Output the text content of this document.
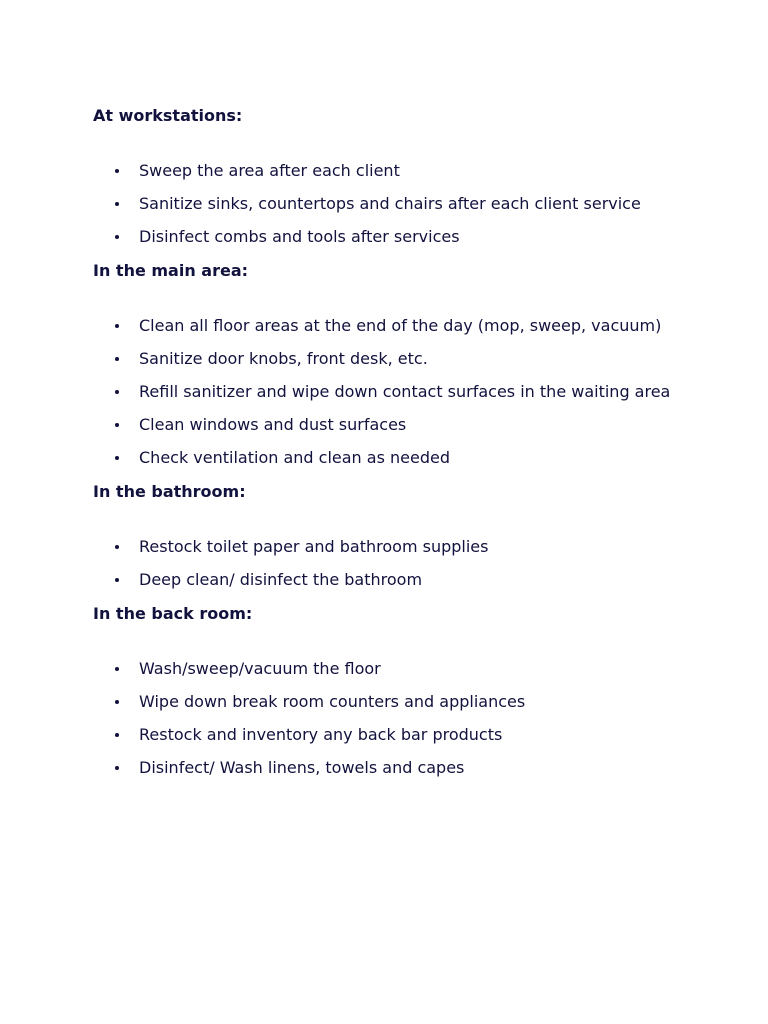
At workstations:
Sweep the area after each client
Sanitize sinks, countertops and chairs after each client service
Disinfect combs and tools after services
In the main area:
Clean all floor areas at the end of the day (mop, sweep, vacuum)
Sanitize door knobs, front desk, etc.
Refill sanitizer and wipe down contact surfaces in the waiting area
Clean windows and dust surfaces
Check ventilation and clean as needed
In the bathroom:
Restock toilet paper and bathroom supplies
Deep clean/ disinfect the bathroom
In the back room:
Wash/sweep/vacuum the floor
Wipe down break room counters and appliances
Restock and inventory any back bar products
Disinfect/ Wash linens, towels and capes
